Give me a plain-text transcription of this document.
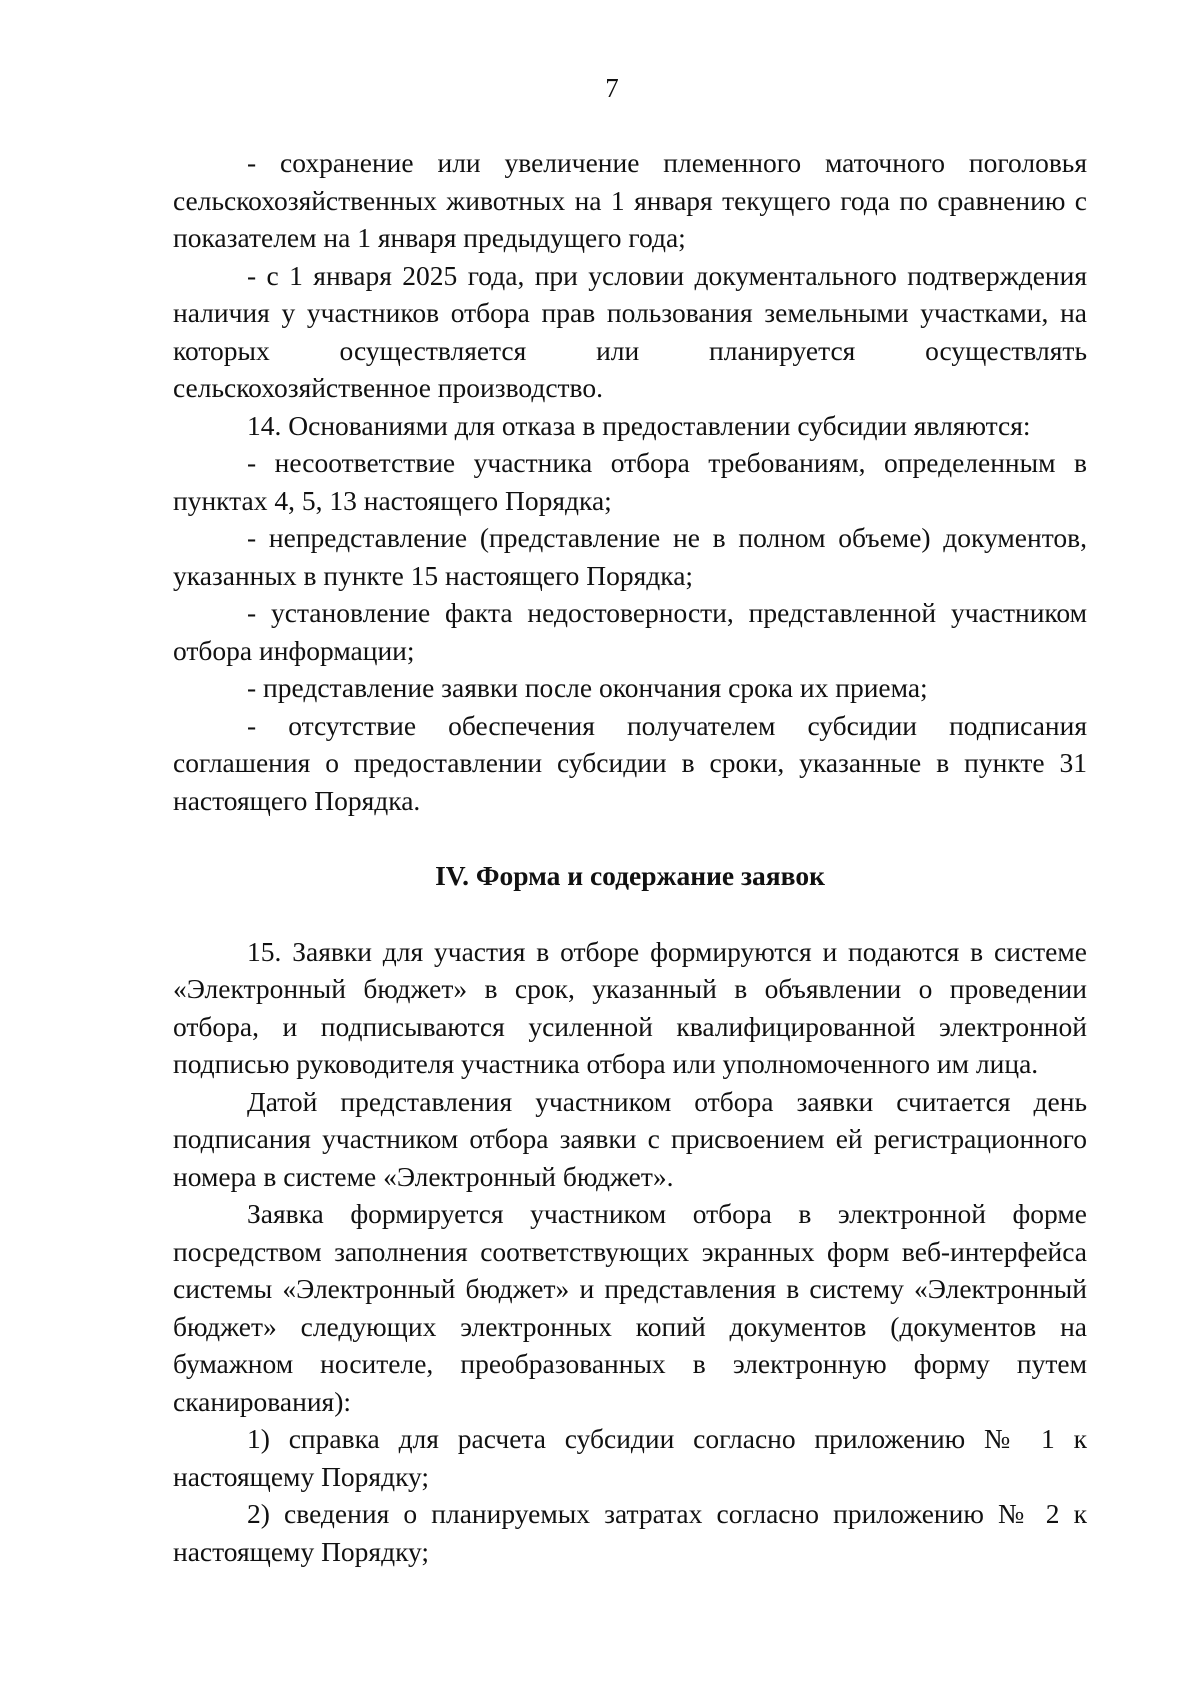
7

- сохранение или увеличение племенного маточного поголовья сельскохозяйственных животных на 1 января текущего года по сравнению с показателем на 1 января предыдущего года;

- с 1 января 2025 года, при условии документального подтверждения наличия у участников отбора прав пользования земельными участками, на которых осуществляется или планируется осуществлять сельскохозяйственное производство.

14. Основаниями для отказа в предоставлении субсидии являются:

- несоответствие участника отбора требованиям, определенным в пунктах 4, 5, 13 настоящего Порядка;

- непредставление (представление не в полном объеме) документов, указанных в пункте 15 настоящего Порядка;

- установление факта недостоверности, представленной участником отбора информации;

- представление заявки после окончания срока их приема;

- отсутствие обеспечения получателем субсидии подписания соглашения о предоставлении субсидии в сроки, указанные в пункте 31 настоящего Порядка.

IV. Форма и содержание заявок

15. Заявки для участия в отборе формируются и подаются в системе «Электронный бюджет» в срок, указанный в объявлении о проведении отбора, и подписываются усиленной квалифицированной электронной подписью руководителя участника отбора или уполномоченного им лица.

Датой представления участником отбора заявки считается день подписания участником отбора заявки с присвоением ей регистрационного номера в системе «Электронный бюджет».

Заявка формируется участником отбора в электронной форме посредством заполнения соответствующих экранных форм веб-интерфейса системы «Электронный бюджет» и представления в систему «Электронный бюджет» следующих электронных копий документов (документов на бумажном носителе, преобразованных в электронную форму путем сканирования):

1) справка для расчета субсидии согласно приложению № 1 к настоящему Порядку;

2) сведения о планируемых затратах согласно приложению № 2 к настоящему Порядку;
